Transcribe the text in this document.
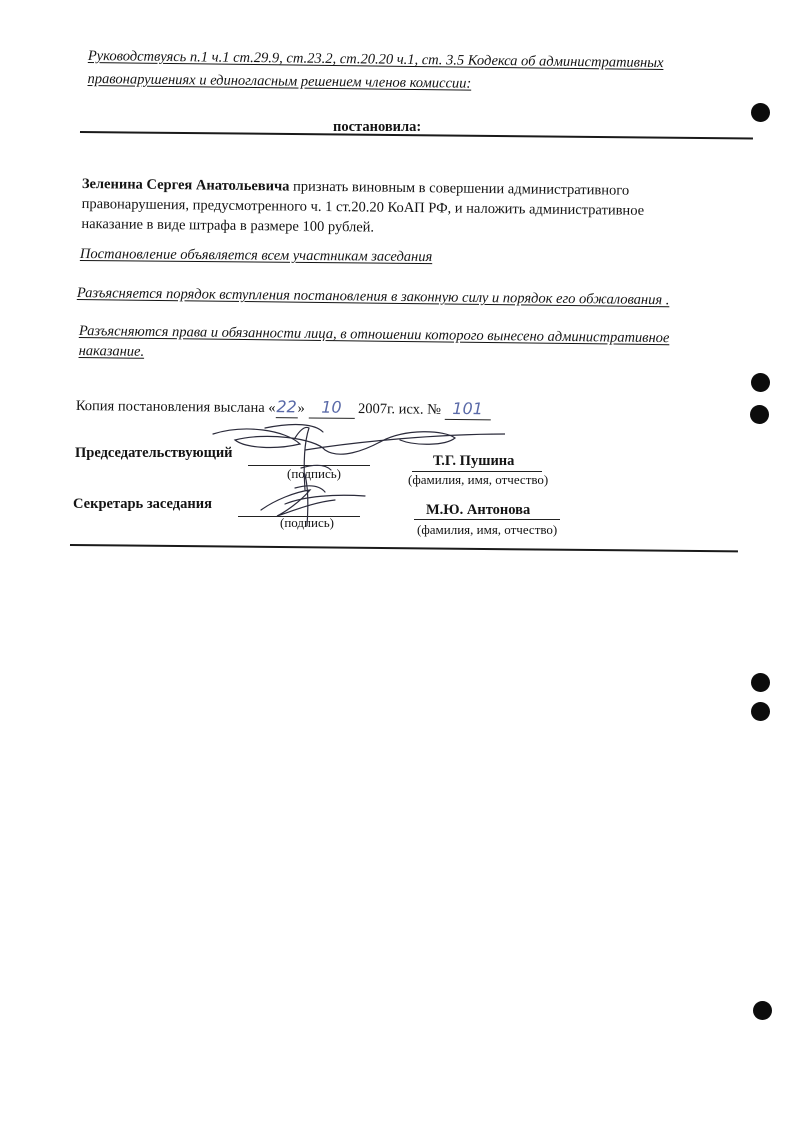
Руководствуясь п.1 ч.1 ст.29.9, ст.23.2, ст.20.20 ч.1, ст. 3.5 Кодекса об административных
правонарушениях и единогласным решением членов комиссии:
постановила:
Зеленина Сергея Анатольевича признать виновным в совершении административного
правонарушения, предусмотренного ч. 1 ст.20.20 КоАП РФ, и наложить административное
наказание в виде штрафа в размере 100 рублей.
Постановление объявляется всем участникам заседания
Разъясняется порядок вступления постановления в законную силу и порядок его обжалования .
Разъясняются права и обязанности лица, в отношении которого вынесено административное
наказание.
Копия постановления выслана «22» 10 2007г. исх. № 101
Председательствующий
(подпись)
Т.Г. Пушина
(фамилия, имя, отчество)
Секретарь заседания
(подпись)
М.Ю. Антонова
(фамилия, имя, отчество)
